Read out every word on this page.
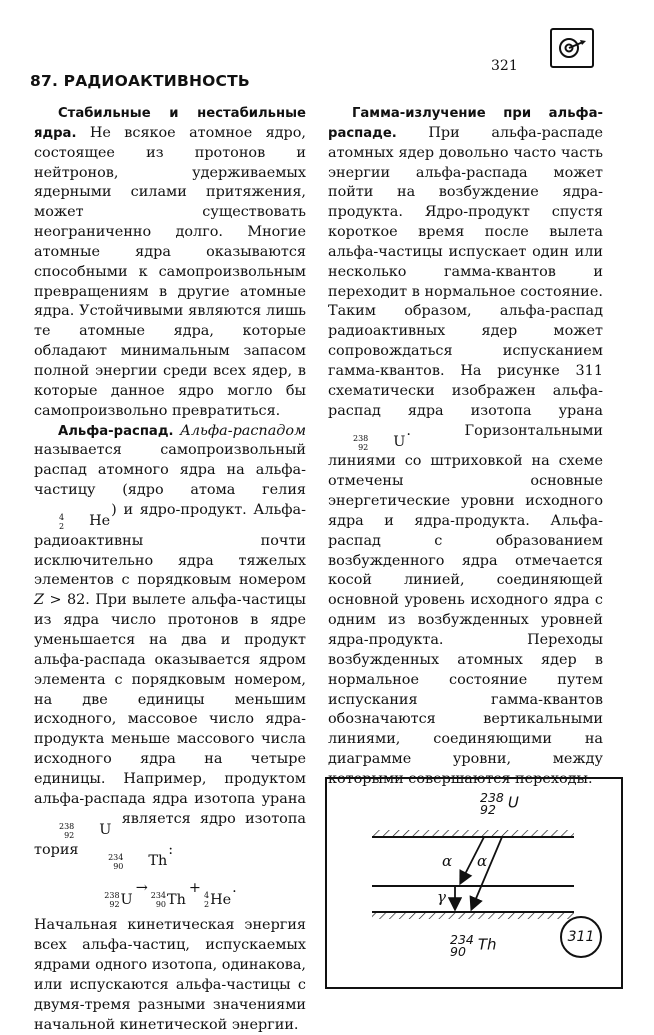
321
87. РАДИОАКТИВНОСТЬ

Стабильные и нестабильные ядра. Не всякое атомное ядро, состоящее из протонов и нейтронов, удерживаемых ядерными силами притяжения, может существовать неограниченно долго. Многие атомные ядра оказываются способными к самопроизвольным превращениям в другие атомные ядра. Устойчивыми являются лишь те атомные ядра, которые обладают минимальным запасом полной энергии среди всех ядер, в которые данное ядро могло бы самопроизвольно превратиться.

Альфа-распад. Альфа-распадом называется самопроизвольный распад атомного ядра на альфа-частицу (ядро атома гелия
4
2	He
) и ядро-продукт. Альфа-радиоактивны почти исключительно ядра тяжелых элементов с порядковым номером Z > 82. При вылете альфа-частицы из ядра число протонов в ядре уменьшается на два и продукт альфа-распада оказывается ядром элемента с порядковым номером, на две единицы меньшим исходного, массовое число ядра-продукта меньше массового числа исходного ядра на четыре единицы. Например, продуктом альфа-распада ядра изотопа урана
238
92	U
является ядро изотопа тория	234
90	Th
:

238
92 U
→ 234
90 Th
+ 4
2 He
.

Начальная кинетическая энергия всех альфа-частиц, испускаемых ядрами одного изотопа, одинакова, или испускаются альфа-частицы с двумя-тремя разными значениями начальной кинетической энергии.

Гамма-излучение при альфа-распаде. При альфа-распаде атомных ядер довольно часто часть энергии альфа-распада может пойти на возбуждение ядра-продукта. Ядро-продукт спустя короткое время после вылета альфа-частицы испускает один или несколько гамма-квантов и переходит в нормальное состояние. Таким образом, альфа-распад радиоактивных ядер может сопровождаться испусканием гамма-квантов. На рисунке 311 схематически изображен альфа-распад ядра изотопа урана
238
92	U
. Горизонтальными линиями со штриховкой на схеме отмечены основные энергетические уровни исходного ядра и ядра-продукта. Альфа-распад с образованием возбужденного ядра отмечается косой линией, соединяющей основной уровень исходного ядра с одним из возбужденных уровней ядра-продукта. Переходы возбужденных атомных ядер в нормальное состояние путем испускания гамма-квантов обозначаются вертикальными линиями, соединяющими на диаграмме уровни, между которыми совершаются переходы.

238
92 U
234
90 Th
α α
γ
311
